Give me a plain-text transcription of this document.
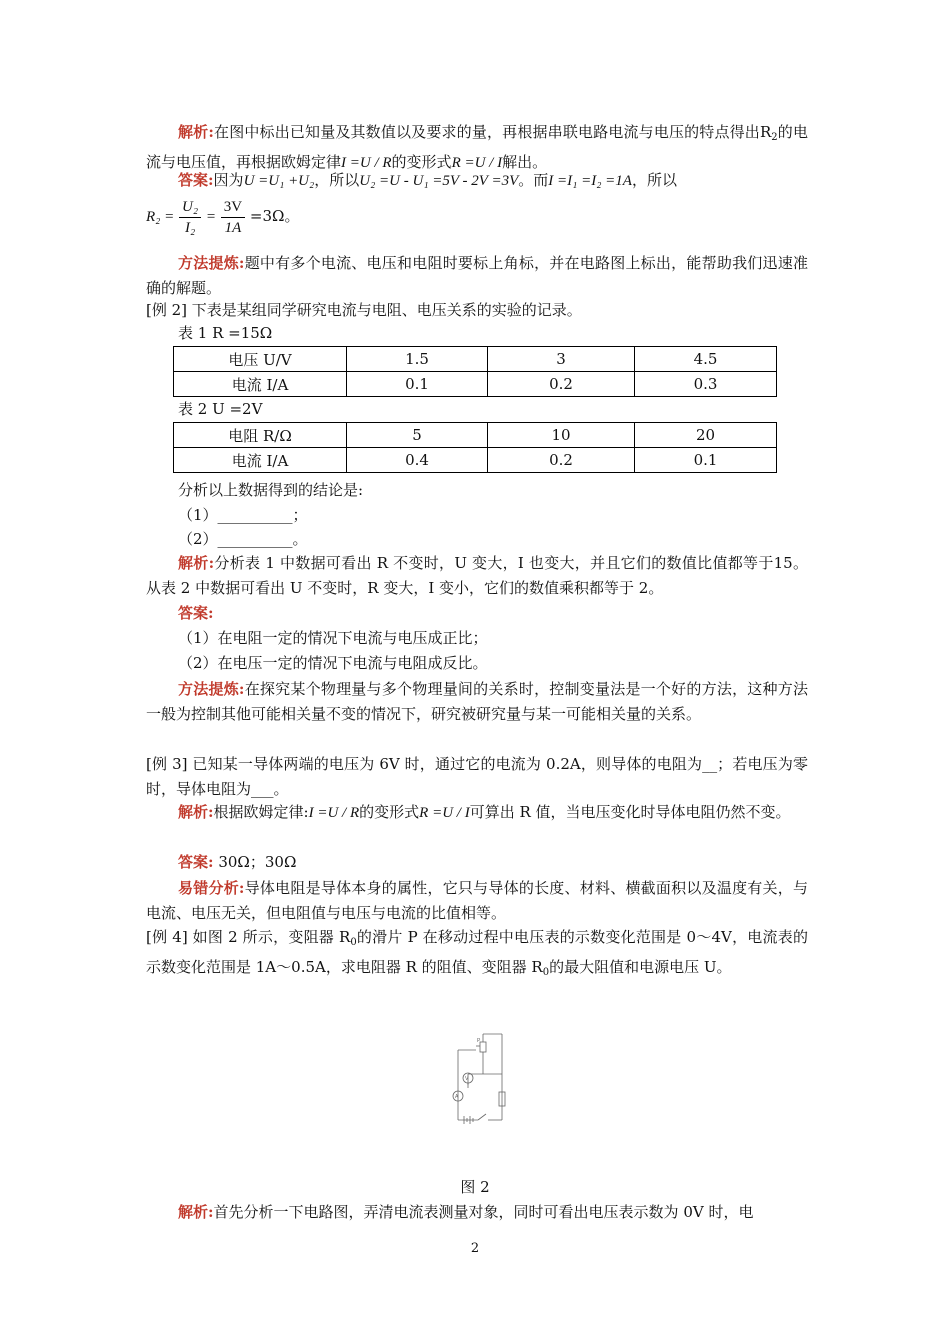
解析:在图中标出已知量及其数值以及要求的量，再根据串联电路电流与电压的特点得出$R_2$的电流与电压值，再根据欧姆定律I =U / R的变形式R =U / I解出。
答案:因为U =U₁ +U₂，所以U₂ =U - U₁ =5V - 2V =3V。而I =I₁ =I₂ =1A，所以
$R_2 = \frac{\text{U₂}}{\text{I₂}} = \frac{3V}{1A} =3\Omega$。
方法提炼:题中有多个电流、电压和电阻时要标上角标，并在电路图上标出，能帮助我们迅速准确的解题。
[例 2] 下表是某组同学研究电流与电阻、电压关系的实验的记录。
表 1 R =15Ω
电压 U/V	1.5	3	4.5
电流 I/A	0.1	0.2	0.3
表 2 U =2V
电阻 R/Ω	5	10	20
电流 I/A	0.4	0.2	0.1
分析以上数据得到的结论是:
（1）__________；
（2）__________。
解析:分析表 1 中数据可看出 R 不变时，U 变大，I 也变大，并且它们的数值比值都等于15。从表 2 中数据可看出 U 不变时，R 变大，I 变小，它们的数值乘积都等于 2。
答案:
（1）在电阻一定的情况下电流与电压成正比；
（2）在电压一定的情况下电流与电阻成反比。
方法提炼:在探究某个物理量与多个物理量间的关系时，控制变量法是一个好的方法，这种方法一般为控制其他可能相关量不变的情况下，研究被研究量与某一可能相关量的关系。
[例 3] 已知某一导体两端的电压为 6V 时，通过它的电流为 0.2A，则导体的电阻为__；若电压为零时，导体电阻为___。
解析:根据欧姆定律:I =U / R的变形式R =U / I可算出 R 值，当电压变化时导体电阻仍然不变。
答案: 30Ω；30Ω
易错分析:导体电阻是导体本身的属性，它只与导体的长度、材料、横截面积以及温度有关，与电流、电压无关，但电阻值与电压与电流的比值相等。
[例 4] 如图 2 所示，变阻器 $R_0$的滑片 P 在移动过程中电压表的示数变化范围是 0～4V，电流表的示数变化范围是 1A～0.5A，求电阻器 R 的阻值、变阻器 $R_0$的最大阻值和电源电压 U。
V
A
P
图 2
解析:首先分析一下电路图，弄清电流表测量对象，同时可看出电压表示数为 0V 时，电
2
